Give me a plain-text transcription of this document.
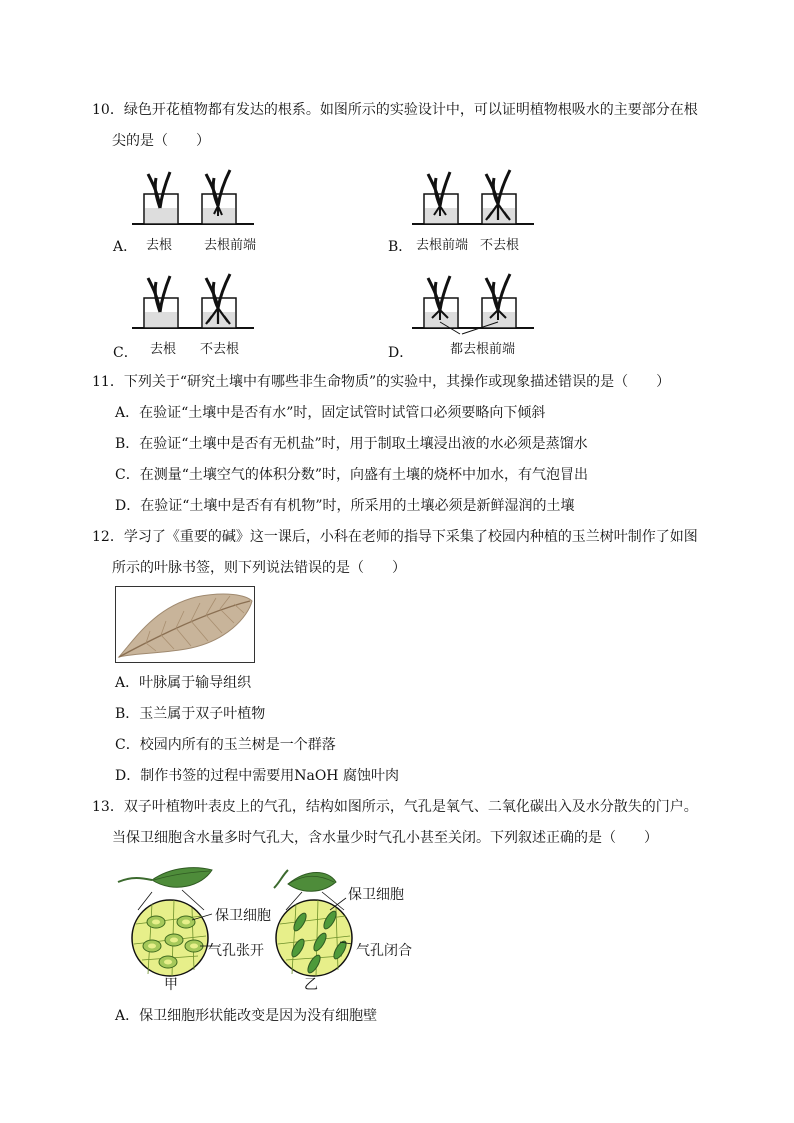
10．绿色开花植物都有发达的根系。如图所示的实验设计中，可以证明植物根吸水的主要部分在根
尖的是（　　）
A． 去根 去根前端	B． 去根前端 不去根
C． 去根 不去根	D．	都去根前端
11．下列关于“研究土壤中有哪些非生命物质”的实验中，其操作或现象描述错误的是（　　）
A．在验证“土壤中是否有水”时，固定试管时试管口必须要略向下倾斜
B．在验证“土壤中是否有无机盐”时，用于制取土壤浸出液的水必须是蒸馏水
C．在测量“土壤空气的体积分数”时，向盛有土壤的烧杯中加水，有气泡冒出
D．在验证“土壤中是否有有机物”时，所采用的土壤必须是新鲜湿润的土壤
12．学习了《重要的碱》这一课后，小科在老师的指导下采集了校园内种植的玉兰树叶制作了如图
所示的叶脉书签，则下列说法错误的是（　　）
A．叶脉属于输导组织
B．玉兰属于双子叶植物
C．校园内所有的玉兰树是一个群落
D．制作书签的过程中需要用NaOH 腐蚀叶肉
13．双子叶植物叶表皮上的气孔，结构如图所示，气孔是氧气、二氧化碳出入及水分散失的门户。
当保卫细胞含水量多时气孔大，含水量少时气孔小甚至关闭。下列叙述正确的是（　　）
保卫细胞
气孔张开
甲
保卫细胞
气孔闭合
乙
A．保卫细胞形状能改变是因为没有细胞壁
